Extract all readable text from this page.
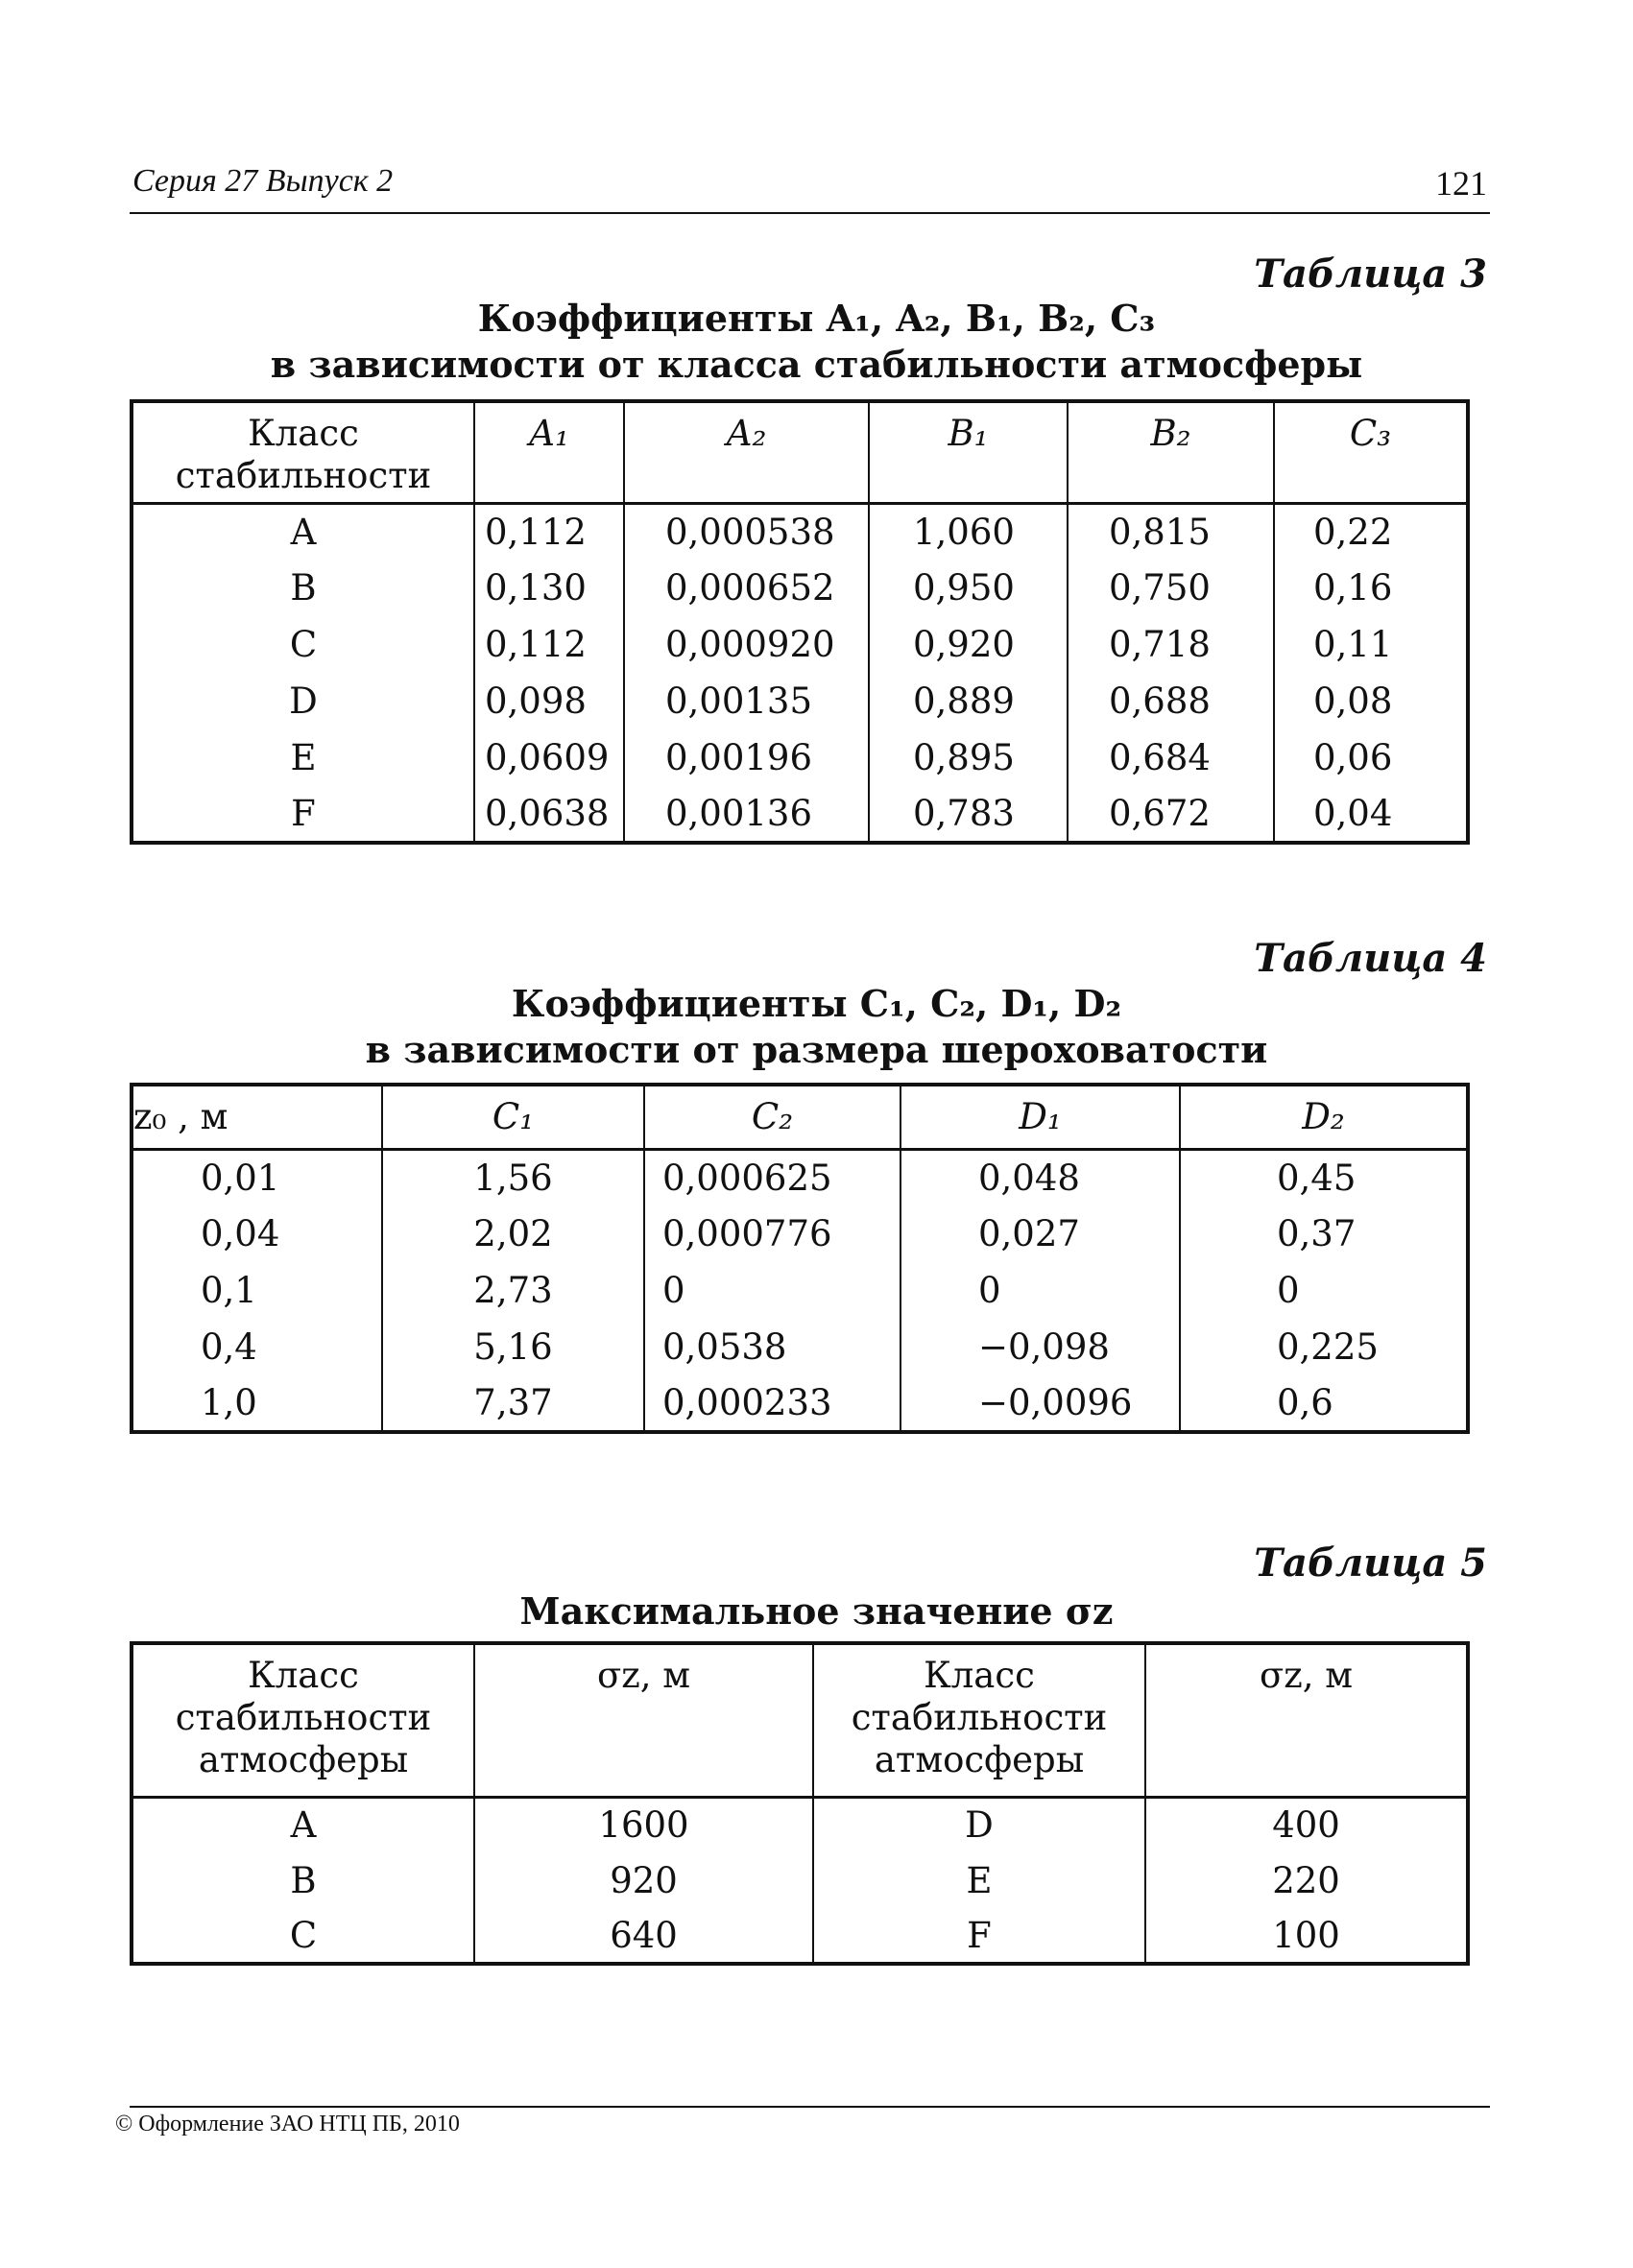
Серия 27 Выпуск 2	121
Таблица 3
Коэффициенты A₁, A₂, B₁, B₂, C₃
в зависимости от класса стабильности атмосферы
Класс стабильности	A₁	A₂	B₁	B₂	C₃
A	0,112	0,000538	1,060	0,815	0,22
B	0,130	0,000652	0,950	0,750	0,16
C	0,112	0,000920	0,920	0,718	0,11
D	0,098	0,00135	0,889	0,688	0,08
E	0,0609	0,00196	0,895	0,684	0,06
F	0,0638	0,00136	0,783	0,672	0,04
Таблица 4
Коэффициенты C₁, C₂, D₁, D₂
в зависимости от размера шероховатости
z₀ , м	C₁	C₂	D₁	D₂
0,01	1,56	0,000625	0,048	0,45
0,04	2,02	0,000776	0,027	0,37
0,1	2,73	0	0	0
0,4	5,16	0,0538	−0,098	0,225
1,0	7,37	0,000233	−0,0096	0,6
Таблица 5
Максимальное значение σz
Класс стабильности атмосферы	σz, м	Класс стабильности атмосферы	σz, м
A	1600	D	400
B	920	E	220
C	640	F	100
© Оформление ЗАО НТЦ ПБ, 2010
